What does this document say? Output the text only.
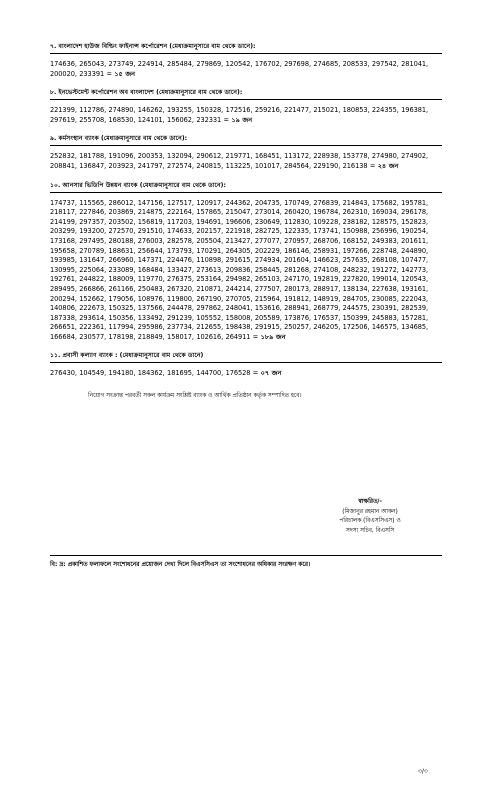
৭. বাংলাদেশ হাউজ বিল্ডিং ফাইনান্স কর্পোরেশন (মেধাক্রমানুসারে বাম থেকে ডানে):
174636, 265043, 273749, 224914, 285484, 279869, 120542, 176702, 297698, 274685, 208533, 297542, 281041, 200020, 233391 = ১৫ জন
৮. ইনভেস্টমেন্ট কর্পোরেশন অব বাংলাদেশ (মেধাক্রমানুসারে বাম থেকে ডানে):
221399, 112786, 274890, 146262, 193255, 150328, 172516, 259216, 221477, 215021, 180853, 224355, 196381, 297619, 255708, 168530, 124101, 156062, 232331 = ১৯ জন
৯. কর্মসংস্থান ব্যাংক (মেধাক্রমানুসারে বাম থেকে ডানে):
252832, 181788, 191096, 200353, 132094, 290612, 219771, 168451, 113172, 228938, 153778, 274980, 274902, 208841, 136847, 203923, 241797, 272574, 240815, 113225, 101017, 284564, 229190, 216138 = ২৪ জন
১০. আনসার ভিডিপি উন্নয়ন ব্যাংক (মেধাক্রমানুসারে বাম থেকে ডানে):
174737, 115565, 286012, 147156, 127517, 120917, 244362, 204735, 170749, 276839, 214843, 175682, 195781, 218117, 227846, 203869, 214875, 222164, 157865, 215047, 273014, 260420, 196784, 262310, 169034, 296178, 214199, 297357, 203502, 156819, 117203, 194691, 196606, 230649, 112830, 109228, 238182, 128575, 152823, 203299, 193200, 272570, 291510, 174633, 202157, 221918, 282725, 122335, 173741, 150988, 256996, 190254, 173168, 297495, 280188, 276003, 282578, 205504, 213427, 277077, 270957, 268706, 168152, 249383, 201611, 195658, 270789, 188631, 256644, 173793, 170291, 264305, 202229, 186146, 258931, 197266, 228748, 244890, 193985, 131647, 266960, 147371, 224476, 110898, 291615, 274934, 201604, 146623, 257635, 268108, 107477, 130995, 225064, 233089, 168484, 133427, 273613, 209836, 258445, 281268, 274108, 248232, 191272, 142773, 192761, 244822, 188009, 119770, 276375, 253164, 294982, 265103, 247170, 192819, 227820, 199014, 120543, 289495, 266866, 261166, 250483, 267320, 210871, 244214, 277507, 280173, 288917, 138134, 227638, 193161, 200294, 152662, 179056, 108976, 119800, 267190, 270705, 215964, 191812, 148919, 284705, 230085, 222043, 140806, 222673, 150325, 137566, 244478, 297862, 248041, 153616, 288941, 268779, 244575, 230391, 282539, 187338, 293614, 150356, 133492, 291239, 105552, 158008, 205589, 173876, 176537, 150399, 245883, 157281, 266651, 222361, 117994, 295986, 237734, 212655, 198438, 291915, 250257, 246205, 172506, 146575, 134685, 166684, 230577, 178198, 218849, 158017, 102616, 264911 = ১৮৯ জন
১১. প্রবাসী কল্যাণ ব্যাংক : (মেধাক্রমানুসারে বাম থেকে ডানে)
276430, 104549, 194180, 184362, 181695, 144700, 176528 = ০৭ জন
নিয়োগ সংক্রান্ত পরবর্তী সকল কার্যক্রম সংশ্লিষ্ট ব্যাংক ও আর্থিক প্রতিষ্ঠান কর্তৃক সম্পাদিত হবে।
স্বাক্ষরিত/-
(মিজানুর রহমান আকন)
পরিচালক (বিএসসিএস) ও
সদস্য সচিব, বিএসসি
বি: দ্র: প্রকাশিত ফলাফলে সংশোধনের প্রয়োজন দেখা দিলে বিএসসিএস তা সংশোধনের অধিকার সংরক্ষণ করে।
৩/৩
